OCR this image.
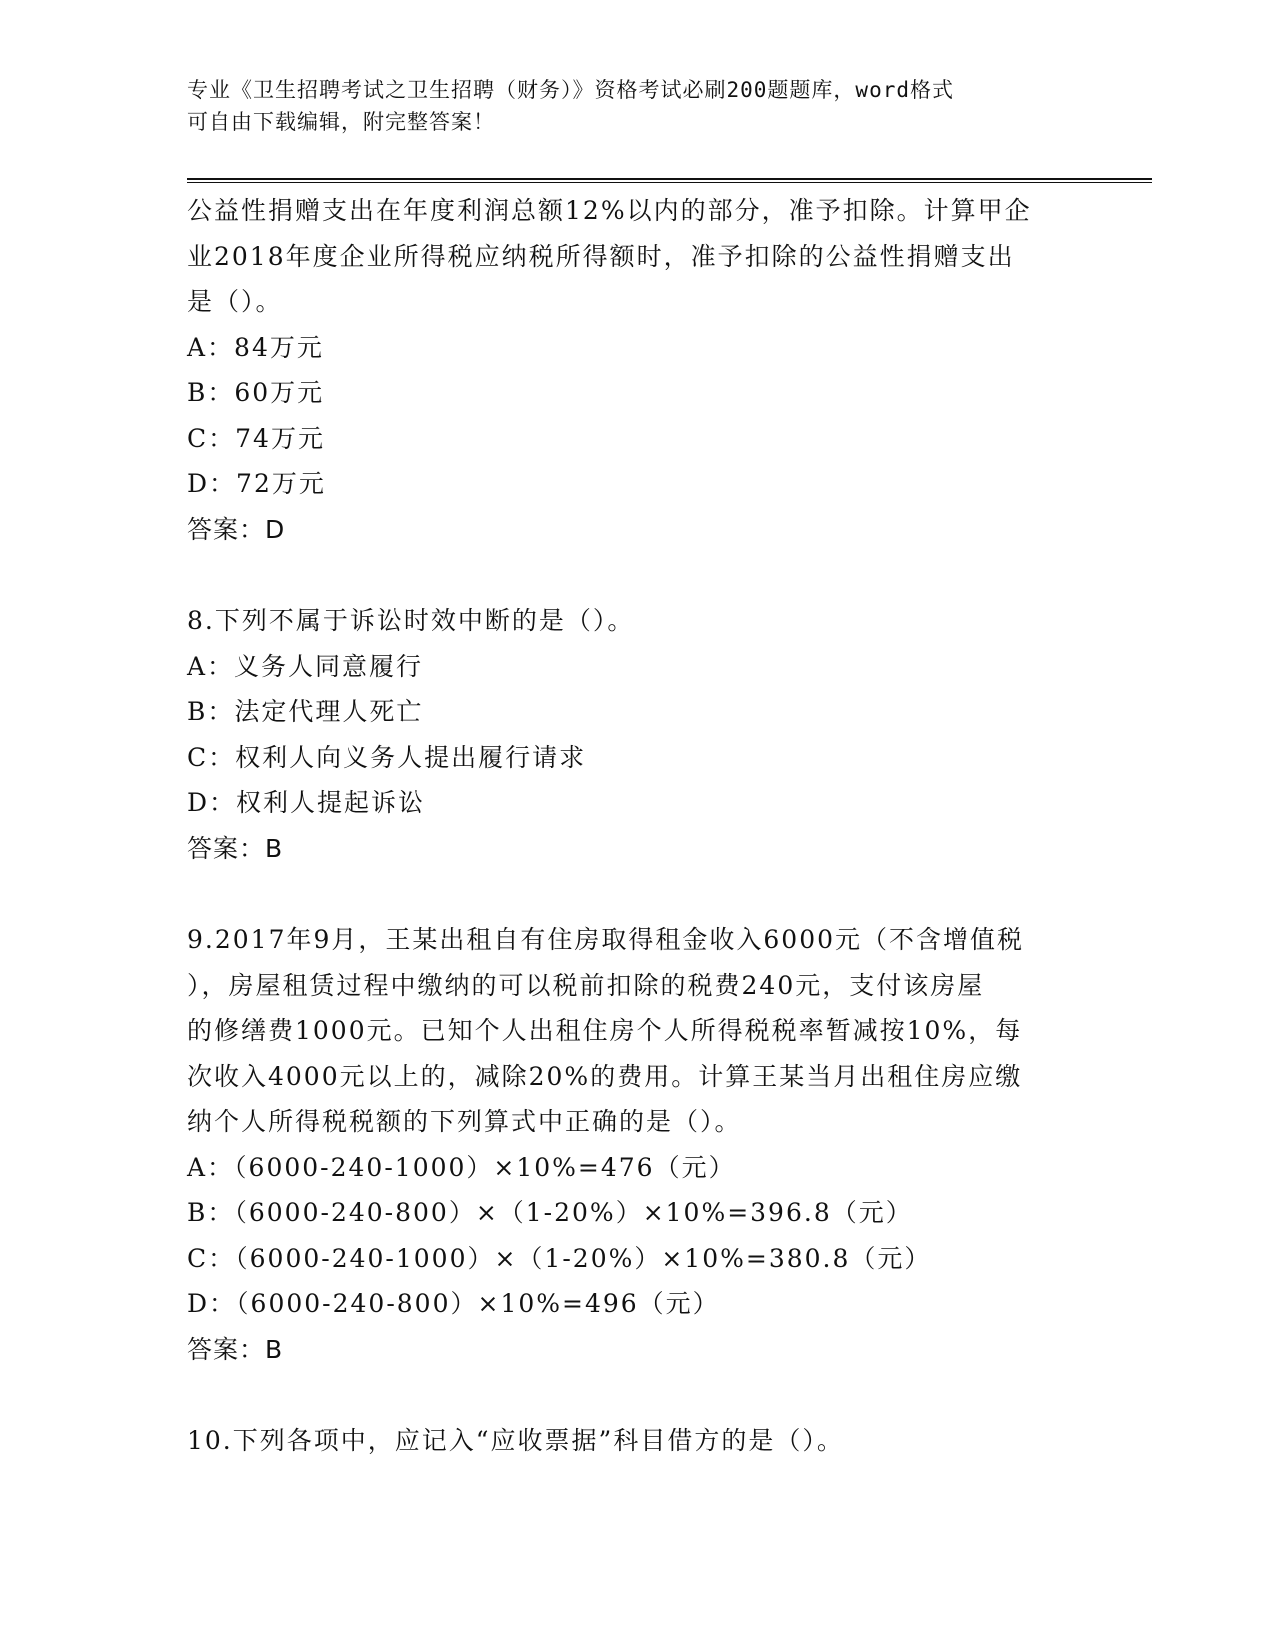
专业《卫生招聘考试之卫生招聘（财务）》资格考试必刷200题题库，word格式
可自由下载编辑，附完整答案！
公益性捐赠支出在年度利润总额12%以内的部分，准予扣除。计算甲企
业2018年度企业所得税应纳税所得额时，准予扣除的公益性捐赠支出
是（）。
A：84万元
B：60万元
C：74万元
D：72万元
答案：D
8.下列不属于诉讼时效中断的是（）。
A：义务人同意履行
B：法定代理人死亡
C：权利人向义务人提出履行请求
D：权利人提起诉讼
答案：B
9.2017年9月，王某出租自有住房取得租金收入6000元（不含增值税
），房屋租赁过程中缴纳的可以税前扣除的税费240元，支付该房屋
的修缮费1000元。已知个人出租住房个人所得税税率暂减按10%，每
次收入4000元以上的，减除20%的费用。计算王某当月出租住房应缴
纳个人所得税税额的下列算式中正确的是（）。
A：（6000-240-1000）×10%=476（元）
B：（6000-240-800）×（1-20%）×10%=396.8（元）
C：（6000-240-1000）×（1-20%）×10%=380.8（元）
D：（6000-240-800）×10%=496（元）
答案：B
10.下列各项中，应记入“应收票据”科目借方的是（）。
